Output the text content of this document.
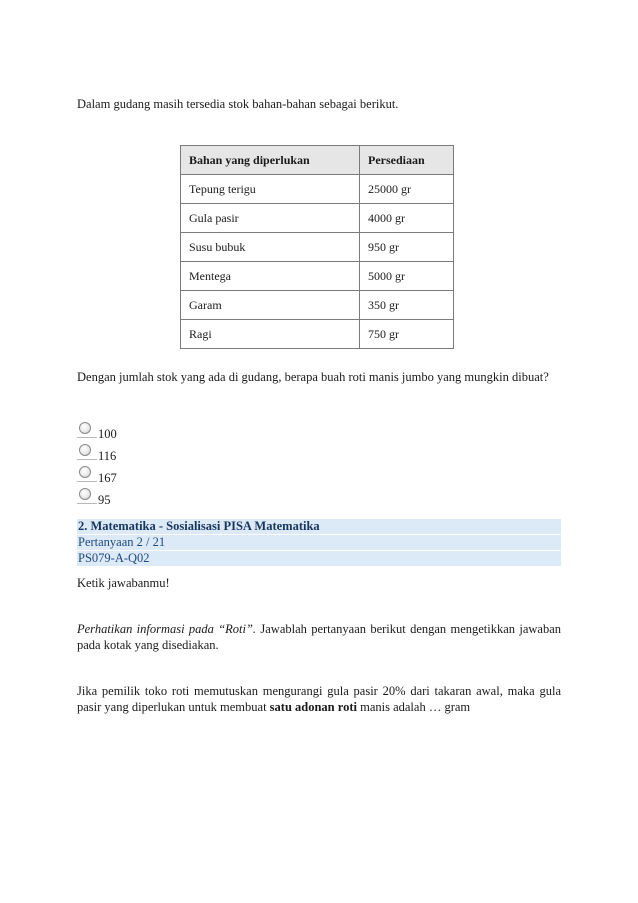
Dalam gudang masih tersedia stok bahan-bahan sebagai berikut.

Bahan yang diperlukan	Persediaan
Tepung terigu	25000 gr
Gula pasir	4000 gr
Susu bubuk	950 gr
Mentega	5000 gr
Garam	350 gr
Ragi	750 gr

Dengan jumlah stok yang ada di gudang, berapa buah roti manis jumbo yang mungkin dibuat?

100
116
167
95
2. Matematika - Sosialisasi PISA Matematika
Pertanyaan 2 / 21
PS079-A-Q02

Ketik jawabanmu!

Perhatikan informasi pada “Roti”. Jawablah pertanyaan berikut dengan mengetikkan jawaban pada kotak yang disediakan.

Jika pemilik toko roti memutuskan mengurangi gula pasir 20% dari takaran awal, maka gula pasir yang diperlukan untuk membuat satu adonan roti manis adalah … gram
